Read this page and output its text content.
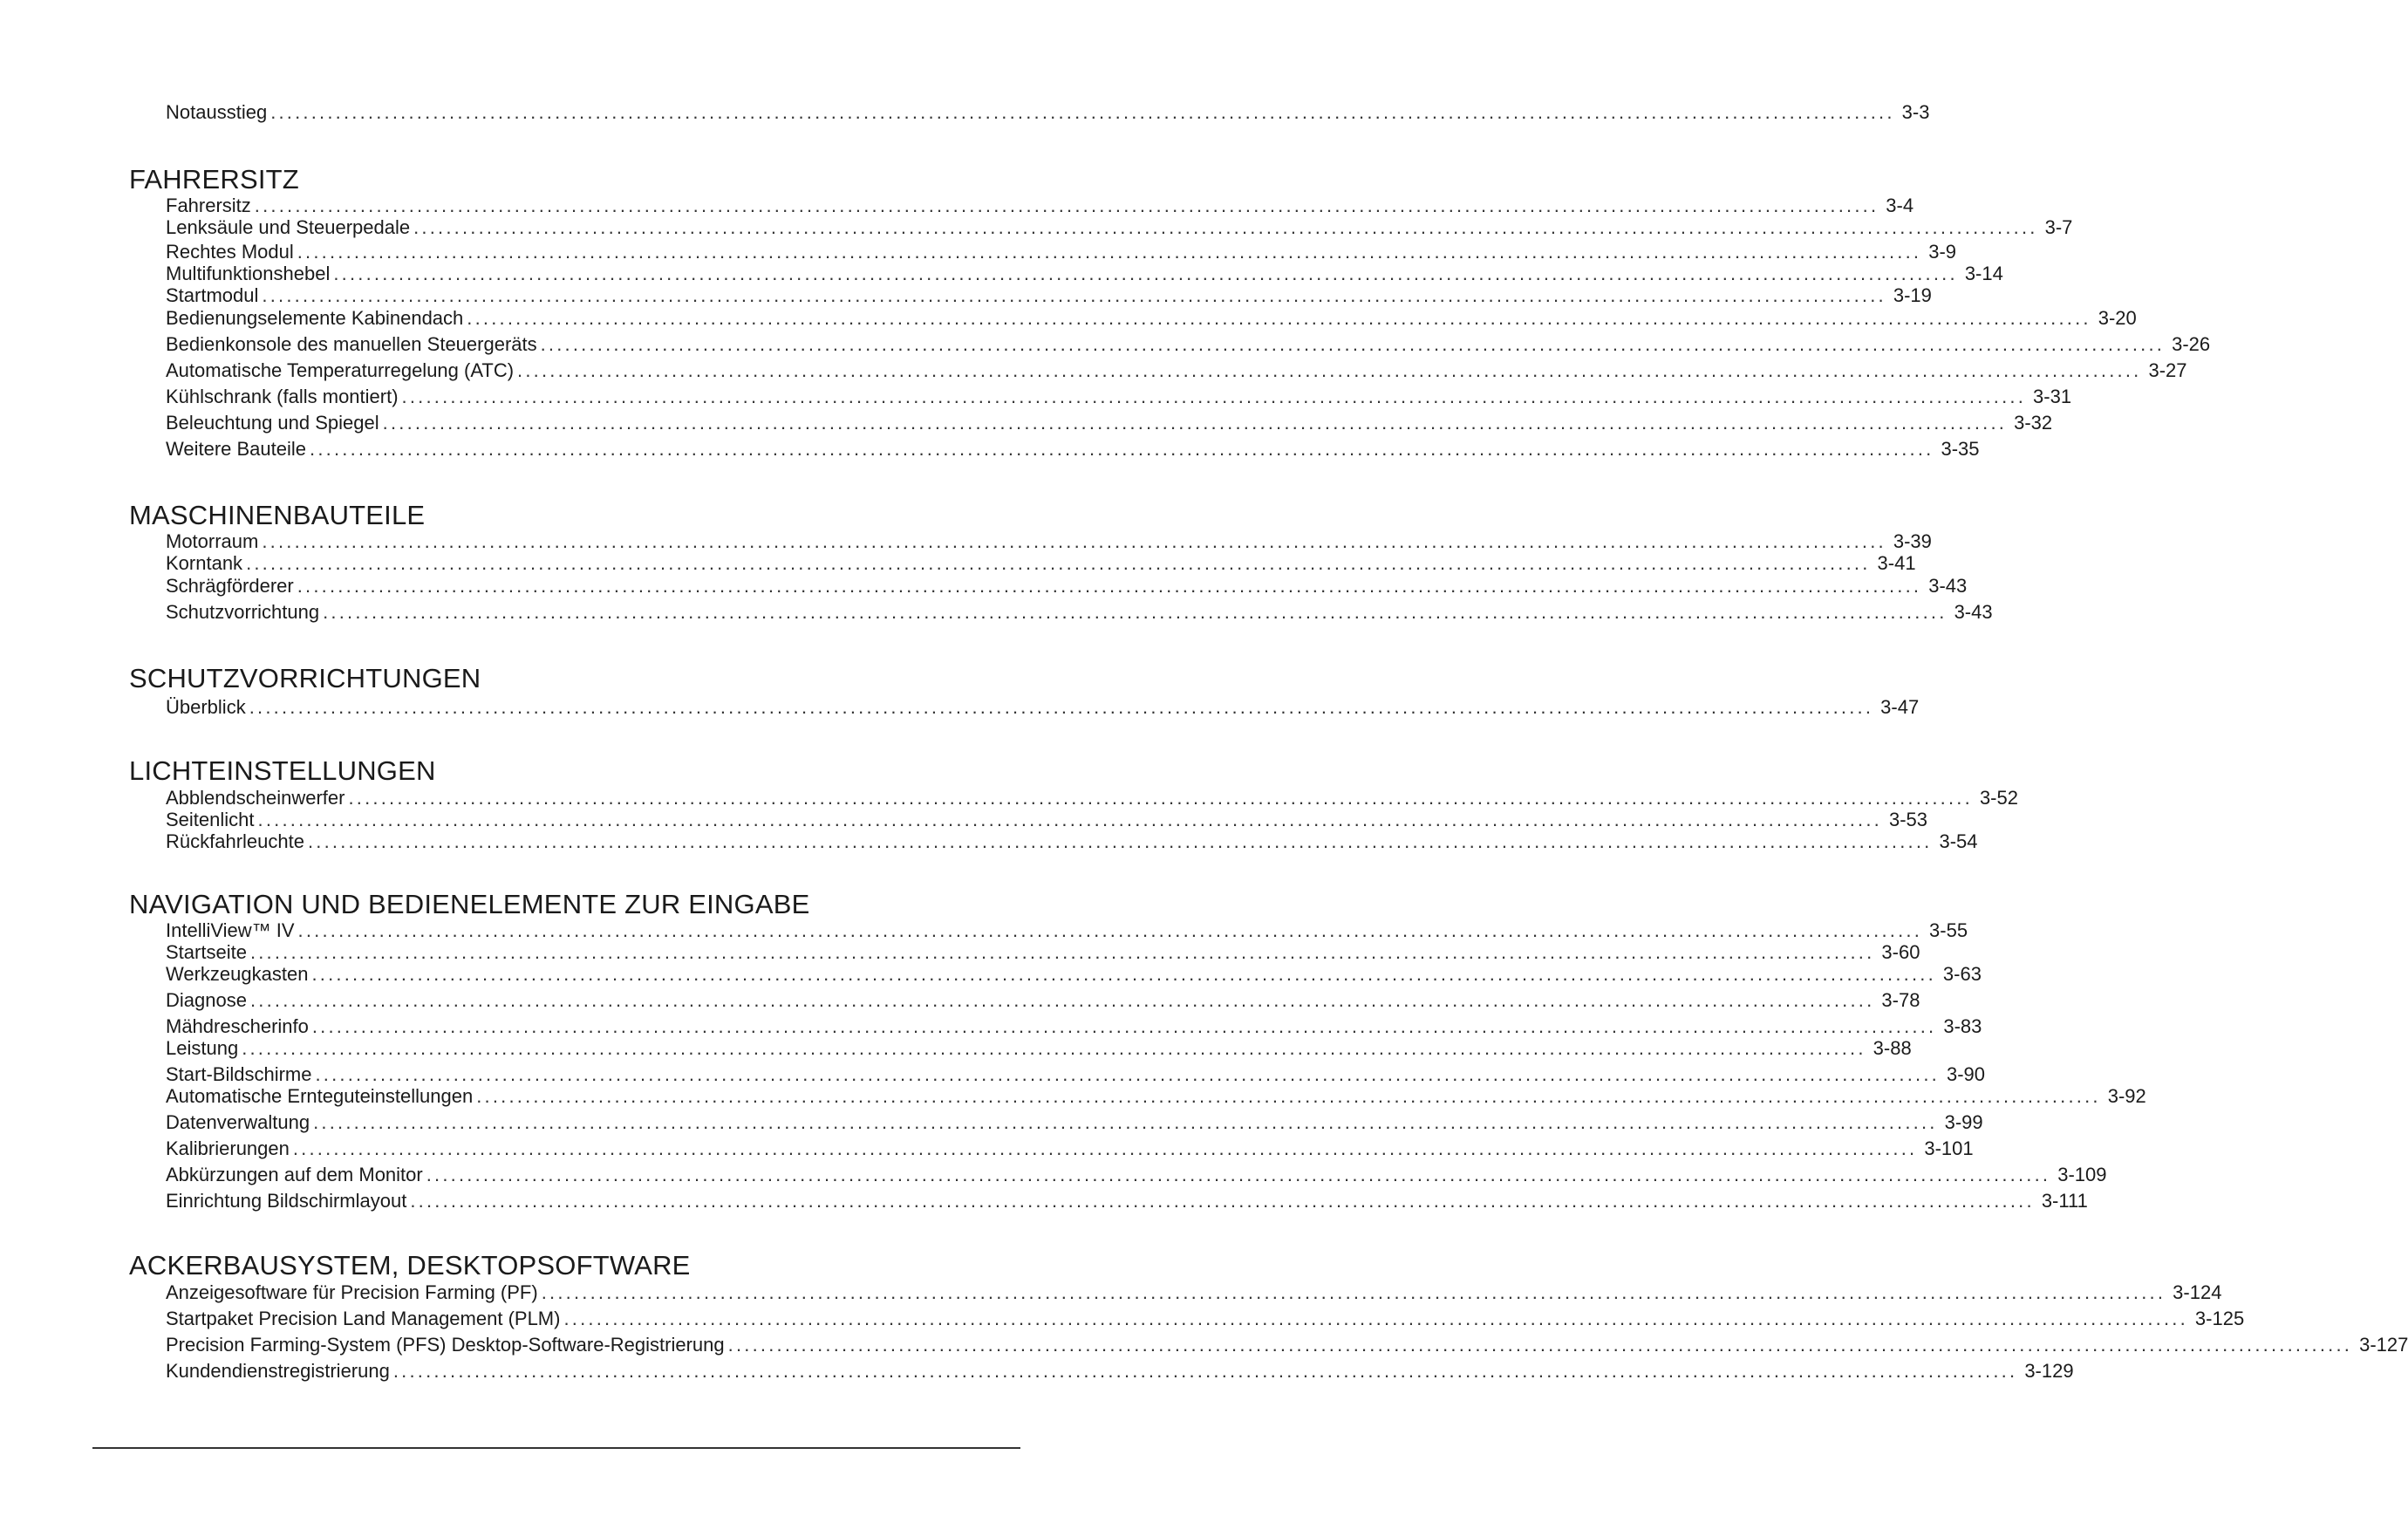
Notausstieg ........................................................................................................................................................................................................ 3-3
FAHRERSITZ
Fahrersitz ........................................................................................................................................................................................................ 3-4
Lenksäule und Steuerpedale ........................................................................................................................................................................................................ 3-7
Rechtes Modul ........................................................................................................................................................................................................ 3-9
Multifunktionshebel ........................................................................................................................................................................................................ 3-14
Startmodul ........................................................................................................................................................................................................ 3-19
Bedienungselemente Kabinendach ........................................................................................................................................................................................................ 3-20
Bedienkonsole des manuellen Steuergeräts ........................................................................................................................................................................................................ 3-26
Automatische Temperaturregelung (ATC) ........................................................................................................................................................................................................ 3-27
Kühlschrank (falls montiert) ........................................................................................................................................................................................................ 3-31
Beleuchtung und Spiegel ........................................................................................................................................................................................................ 3-32
Weitere Bauteile ........................................................................................................................................................................................................ 3-35
MASCHINENBAUTEILE
Motorraum ........................................................................................................................................................................................................ 3-39
Korntank ........................................................................................................................................................................................................ 3-41
Schrägförderer ........................................................................................................................................................................................................ 3-43
Schutzvorrichtung ........................................................................................................................................................................................................ 3-43
SCHUTZVORRICHTUNGEN
Überblick ........................................................................................................................................................................................................ 3-47
LICHTEINSTELLUNGEN
Abblendscheinwerfer ........................................................................................................................................................................................................ 3-52
Seitenlicht ........................................................................................................................................................................................................ 3-53
Rückfahrleuchte ........................................................................................................................................................................................................ 3-54
NAVIGATION UND BEDIENELEMENTE ZUR EINGABE
IntelliView™ IV ........................................................................................................................................................................................................ 3-55
Startseite ........................................................................................................................................................................................................ 3-60
Werkzeugkasten ........................................................................................................................................................................................................ 3-63
Diagnose ........................................................................................................................................................................................................ 3-78
Mähdrescherinfo ........................................................................................................................................................................................................ 3-83
Leistung ........................................................................................................................................................................................................ 3-88
Start-Bildschirme ........................................................................................................................................................................................................ 3-90
Automatische Ernteguteinstellungen ........................................................................................................................................................................................................ 3-92
Datenverwaltung ........................................................................................................................................................................................................ 3-99
Kalibrierungen ........................................................................................................................................................................................................ 3-101
Abkürzungen auf dem Monitor ........................................................................................................................................................................................................ 3-109
Einrichtung Bildschirmlayout ........................................................................................................................................................................................................ 3-111
ACKERBAUSYSTEM, DESKTOPSOFTWARE
Anzeigesoftware für Precision Farming (PF) ........................................................................................................................................................................................................ 3-124
Startpaket Precision Land Management (PLM) ........................................................................................................................................................................................................ 3-125
Precision Farming-System (PFS) Desktop-Software-Registrierung ........................................................................................................................................................................................................ 3-127
Kundendienstregistrierung ........................................................................................................................................................................................................ 3-129
